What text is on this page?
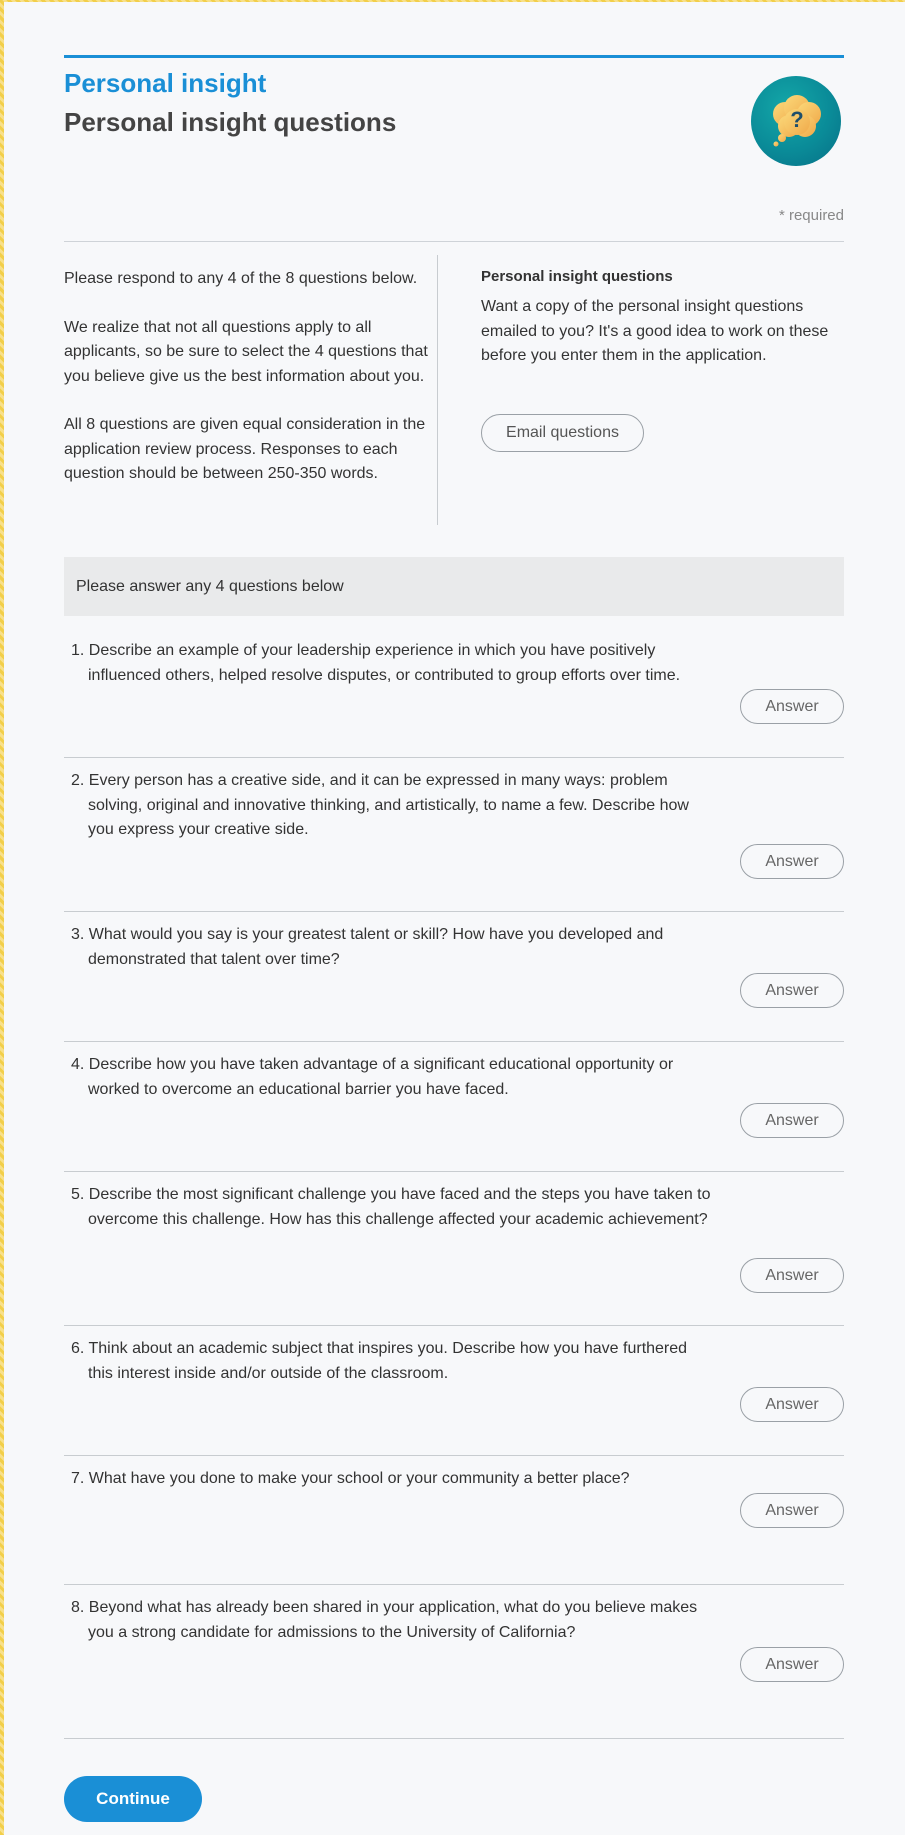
Personal insight
Personal insight questions	?
* required

Please respond to any 4 of the 8 questions below.

We realize that not all questions apply to all applicants, so be sure to select the 4 questions that you believe give us the best information about you.

All 8 questions are given equal consideration in the application review process. Responses to each question should be between 250-350 words.

Personal insight questions

Want a copy of the personal insight questions emailed to you? It's a good idea to work on these before you enter them in the application.

Email questions
Please answer any 4 questions below
1. Describe an example of your leadership experience in which you have positively influenced others, helped resolve disputes, or contributed to group efforts over time.
Answer
2. Every person has a creative side, and it can be expressed in many ways: problem solving, original and innovative thinking, and artistically, to name a few. Describe how you express your creative side.
Answer
3. What would you say is your greatest talent or skill? How have you developed and demonstrated that talent over time?
Answer
4. Describe how you have taken advantage of a significant educational opportunity or worked to overcome an educational barrier you have faced.
Answer
5. Describe the most significant challenge you have faced and the steps you have taken to overcome this challenge. How has this challenge affected your academic achievement?
Answer
6. Think about an academic subject that inspires you. Describe how you have furthered this interest inside and/or outside of the classroom.
Answer
7. What have you done to make your school or your community a better place?
Answer
8. Beyond what has already been shared in your application, what do you believe makes you a strong candidate for admissions to the University of California?
Answer
Continue
